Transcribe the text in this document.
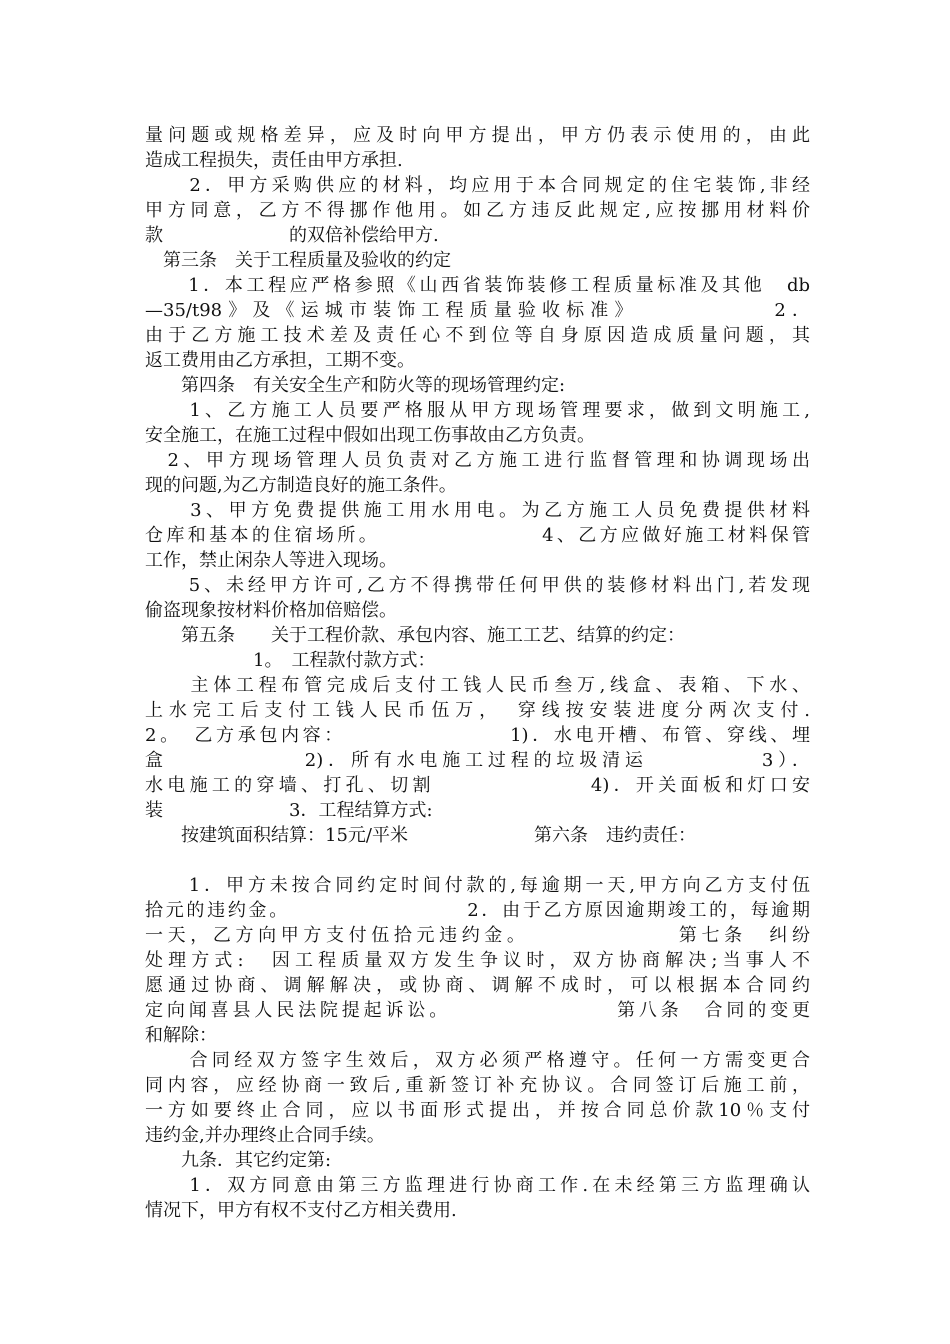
量问题或规格差异，应及时向甲方提出，甲方仍表示使用的，由此
造成工程损失，责任由甲方承担.
　　2．甲方采购供应的材料，均应用于本合同规定的住宅装饰,非经
甲方同意，乙方不得挪作他用。如乙方违反此规定,应按挪用材料价
款　　　　　　　的双倍补偿给甲方.
　第三条　关于工程质量及验收的约定
　　1．本工程应严格参照《山西省装饰装修工程质量标准及其他　db
—35/t98》及《运城市装饰工程质量验收标准》　　　　　　2．
由于乙方施工技术差及责任心不到位等自身原因造成质量问题，其
返工费用由乙方承担，工期不变。
　　第四条　有关安全生产和防火等的现场管理约定:
　　1、乙方施工人员要严格服从甲方现场管理要求，做到文明施工,
安全施工，在施工过程中假如出现工伤事故由乙方负责。
　2、甲方现场管理人员负责对乙方施工进行监督管理和协调现场出
现的问题,为乙方制造良好的施工条件。
　　3、甲方免费提供施工用水用电。为乙方施工人员免费提供材料
仓库和基本的住宿场所。　　　　　　　　4、乙方应做好施工材料保管
工作，禁止闲杂人等进入现场。
　　5、未经甲方许可,乙方不得携带任何甲供的装修材料出门,若发现
偷盗现象按材料价格加倍赔偿。
　　第五条　　关于工程价款、承包内容、施工工艺、结算的约定：
　　　　　　1。　工程款付款方式：
　　主体工程布管完成后支付工钱人民币叁万,线盒、表箱、下水、
上水完工后支付工钱人民币伍万，　穿线按安装进度分两次支付.
2。　乙方承包内容：　　　　　　　　1)．水电开槽、布管、穿线、埋
盒　　　　　　2)．所有水电施工过程的垃圾清运　　　　　3）．
水电施工的穿墙、打孔、切割　　　　　　　4)．开关面板和灯口安
装　　　　　　　3．工程结算方式:
　　按建筑面积结算：15元/平米　　　　　　　第六条　违约责任：
　　1．甲方未按合同约定时间付款的,每逾期一天,甲方向乙方支付伍
拾元的违约金。　　　　　　　　　2．由于乙方原因逾期竣工的，每逾期
一天，乙方向甲方支付伍拾元违约金。　　　　　　　第七条　纠纷
处理方式:　因工程质量双方发生争议时，双方协商解决;当事人不
愿通过协商、调解解决，或协商、调解不成时，可以根据本合同约
定向闻喜县人民法院提起诉讼。　　　　　　　　第八条　合同的变更
和解除：
　　合同经双方签字生效后，双方必须严格遵守。任何一方需变更合
同内容，应经协商一致后,重新签订补充协议。合同签订后施工前，
一方如要终止合同，应以书面形式提出，并按合同总价款10％支付
违约金,并办理终止合同手续。
　　九条．其它约定第:
　　1．双方同意由第三方监理进行协商工作.在未经第三方监理确认
情况下，甲方有权不支付乙方相关费用.
